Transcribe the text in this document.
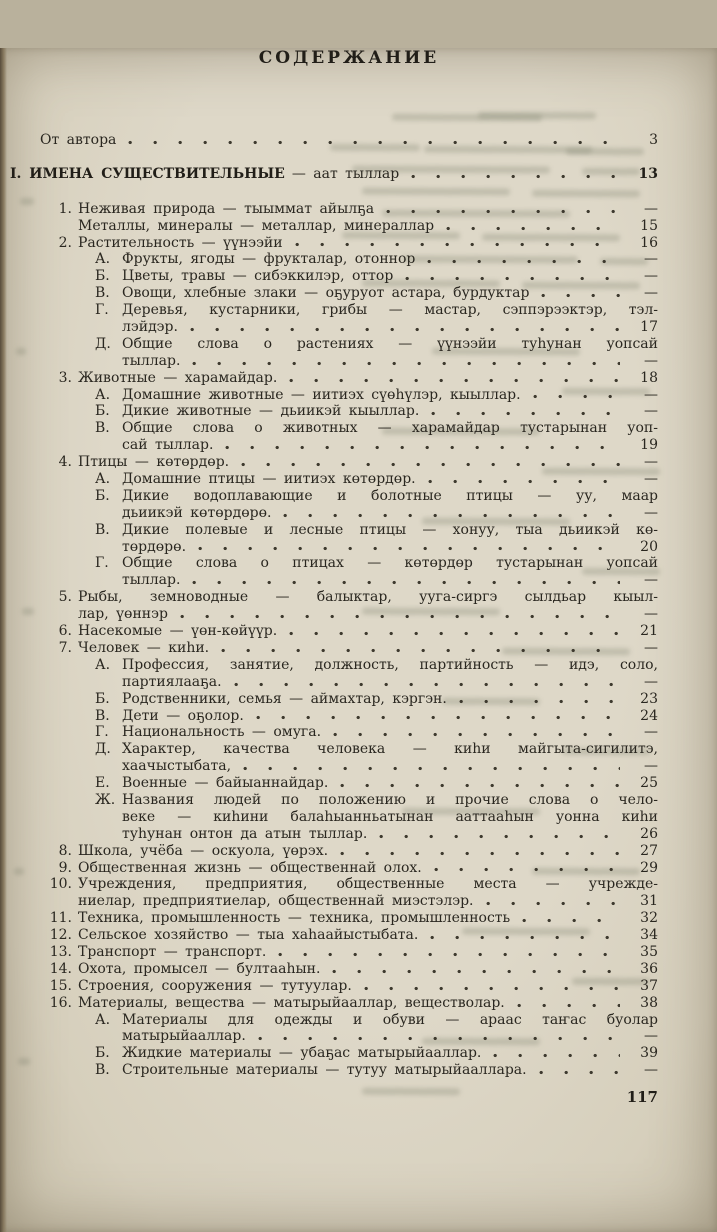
СОДЕРЖАНИЕ
От автора	3
I. ИМЕНА СУЩЕСТВИТЕЛЬНЫЕ — аат тыллар	13
1. Неживая природа — тыыммат айылҕа	—
Металлы, минералы — металлар, минераллар	15
2. Растительность — үүнээйи	16
А. Фрукты, ягоды — фрукталар, отоннор	—
Б. Цветы, травы — сибэккилэр, оттор	—
В. Овощи, хлебные злаки — оҕуруот астара, бурдуктар	—
Г. Деревья, кустарники, грибы — мастар, сэппэрээктэр, тэл-
лэйдэр.	17
Д. Общие слова о растениях — үүнээйи туһунан уопсай
тыллар.	—
3. Животные — харамайдар.	18
А. Домашние животные — иитиэх сүөһүлэр, кыыллар.	—
Б. Дикие животные — дьиикэй кыыллар.	—
В. Общие слова о животных — харамайдар тустарынан уоп-
сай тыллар.	19
4. Птицы — көтөрдөр.	—
А. Домашние птицы — иитиэх көтөрдөр.	—
Б. Дикие водоплавающие и болотные птицы — уу, маар
дьиикэй көтөрдөрө.	—
В. Дикие полевые и лесные птицы — хонуу, тыа дьиикэй кө-
төрдөрө.	20
Г. Общие слова о птицах — көтөрдөр тустарынан уопсай
тыллар.	—
5. Рыбы, земноводные — балыктар, ууга-сиргэ сылдьар кыыл-
лар, үөннэр	—
6. Насекомые — үөн-көйүүр.	21
7. Человек — киһи.	—
А. Профессия, занятие, должность, партийность — идэ, соло,
партиялааҕа.	—
Б. Родственники, семья — аймахтар, кэргэн.	23
В. Дети — оҕолор.	24
Г. Национальность — омуга.	—
Д. Характер, качества человека — киһи майгыта-сигилитэ,
хаачыстыбата,	—
Е. Военные — байыаннайдар.	25
Ж. Названия людей по положению и прочие слова о чело-
веке — киһини балаһыанньатынан ааттааһын уонна киһи
туһунан онтон да атын тыллар.	26
8. Школа, учёба — оскуола, үөрэх.	27
9. Общественная жизнь — общественнай олох.	29
10. Учреждения, предприятия, общественные места — учрежде-
ниелар, предприятиелар, общественнай миэстэлэр.	31
11. Техника, промышленность — техника, промышленность	32
12. Сельское хозяйство — тыа хаһаайыстыбата.	34
13. Транспорт — транспорт.	35
14. Охота, промысел — бултааһын.	36
15. Строения, сооружения — тутуулар.	37
16. Материалы, вещества — матырыйааллар, веществолар.	38
А. Материалы для одежды и обуви — араас таҥас буолар
матырыйааллар.	—
Б. Жидкие материалы — убаҕас матырыйааллар.	39
В. Строительные материалы — тутуу матырыйааллара.	—
117
